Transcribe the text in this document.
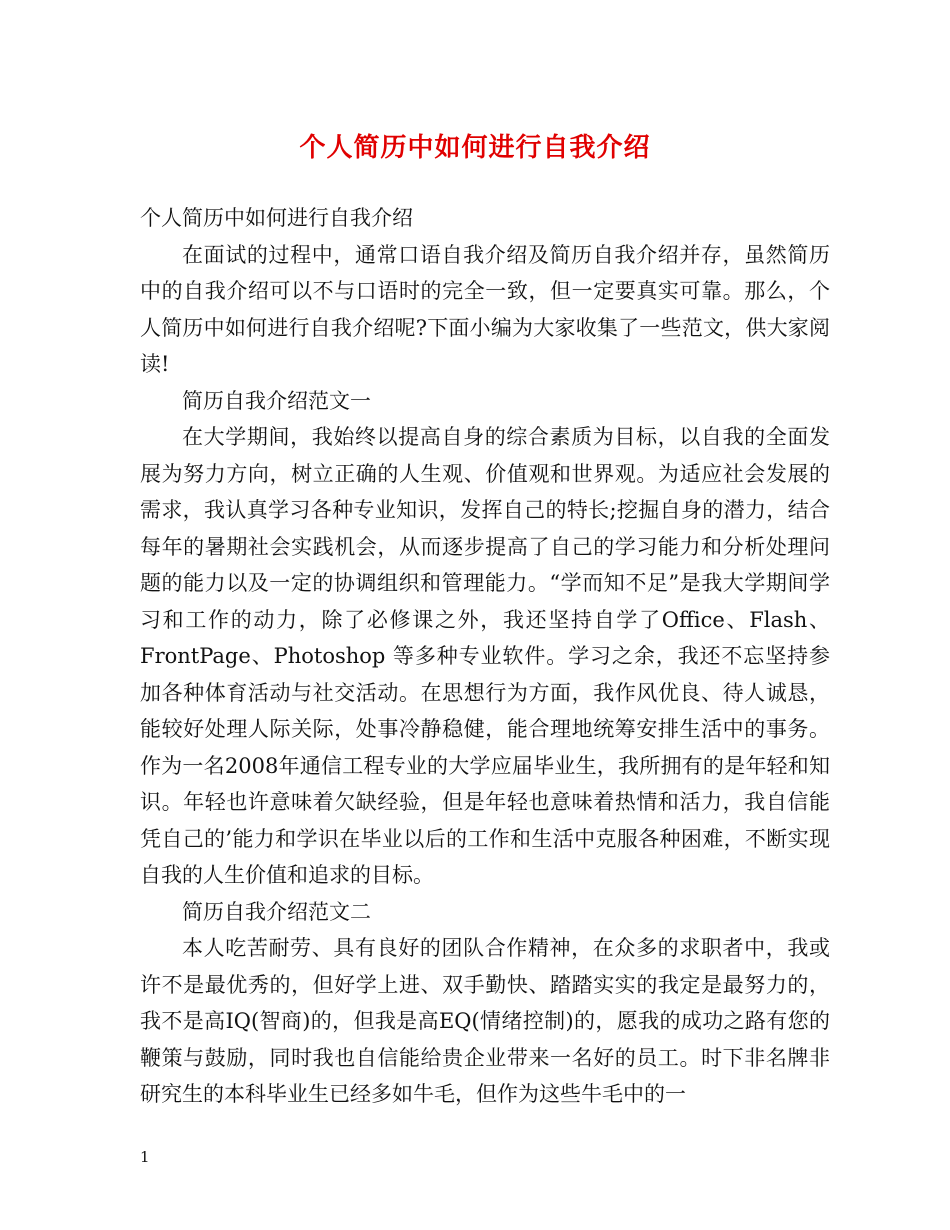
个人简历中如何进行自我介绍

个人简历中如何进行自我介绍

在面试的过程中，通常口语自我介绍及简历自我介绍并存，虽然简历中的自我介绍可以不与口语时的完全一致，但一定要真实可靠。那么，个人简历中如何进行自我介绍呢?下面小编为大家收集了一些范文，供大家阅读!

简历自我介绍范文一

在大学期间，我始终以提高自身的综合素质为目标，以自我的全面发展为努力方向，树立正确的人生观、价值观和世界观。为适应社会发展的需求，我认真学习各种专业知识，发挥自己的特长;挖掘自身的潜力，结合每年的暑期社会实践机会，从而逐步提高了自己的学习能力和分析处理问题的能力以及一定的协调组织和管理能力。“学而知不足”是我大学期间学习和工作的动力，除了必修课之外，我还坚持自学了Office、Flash、FrontPage、Photoshop 等多种专业软件。学习之余，我还不忘坚持参加各种体育活动与社交活动。在思想行为方面，我作风优良、待人诚恳，能较好处理人际关际，处事冷静稳健，能合理地统筹安排生活中的事务。作为一名2008年通信工程专业的大学应届毕业生，我所拥有的是年轻和知识。年轻也许意味着欠缺经验，但是年轻也意味着热情和活力，我自信能凭自己的’能力和学识在毕业以后的工作和生活中克服各种困难，不断实现自我的人生价值和追求的目标。

简历自我介绍范文二

本人吃苦耐劳、具有良好的团队合作精神，在众多的求职者中，我或许不是最优秀的，但好学上进、双手勤快、踏踏实实的我定是最努力的，我不是高IQ(智商)的，但我是高EQ(情绪控制)的，愿我的成功之路有您的鞭策与鼓励，同时我也自信能给贵企业带来一名好的员工。时下非名牌非研究生的本科毕业生已经多如牛毛，但作为这些牛毛中的一

1
